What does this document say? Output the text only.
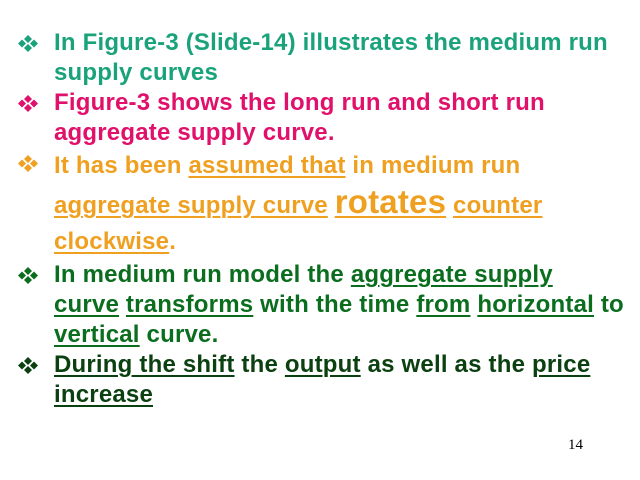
In Figure-3 (Slide-14) illustrates the medium run supply curves
Figure-3 shows the long run and short run aggregate supply curve.
It has been assumed that in medium run aggregate supply curve rotates counter clockwise.
In medium run model the aggregate supply curve transforms with the time from horizontal to vertical curve.
During the shift the output as well as the price increase
14
